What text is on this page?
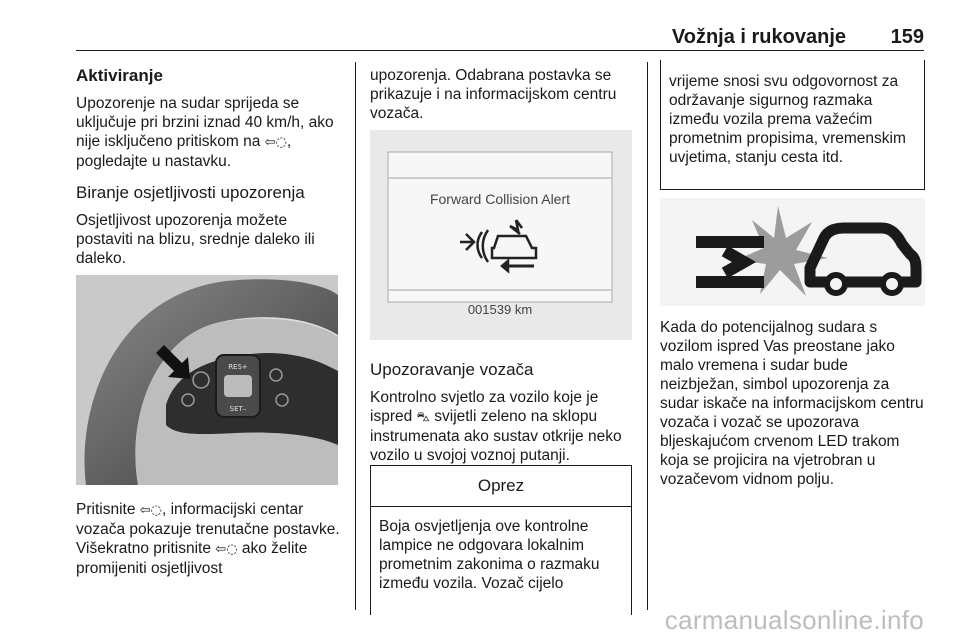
Vožnja i rukovanje 159
Aktiviranje

Upozorenje na sudar sprijeda se uključuje pri brzini iznad 40 km/h, ako nije isključeno pritiskom na ⇦◌, pogledajte u nastavku.

Biranje osjetljivosti upozorenja

Osjetljivost upozorenja možete postaviti na blizu, srednje daleko ili daleko.

RES+
SET–

Pritisnite ⇦◌, informacijski centar vozača pokazuje trenutačne postavke. Višekratno pritisnite ⇦◌ ako želite promijeniti osjetljivost

upozorenja. Odabrana postavka se prikazuje i na informacijskom centru vozača.

Forward Collision Alert
001539 km
Upozoravanje vozača

Kontrolno svjetlo za vozilo koje je ispred ⛍ svijetli zeleno na sklopu instrumenata ako sustav otkrije neko vozilo u svojoj voznoj putanji.

Oprez

Boja osvjetljenja ove kontrolne lampice ne odgovara lokalnim prometnim zakonima o razmaku između vozila. Vozač cijelo

vrijeme snosi svu odgovornost za održavanje sigurnog razmaka između vozila prema važećim prometnim propisima, vremenskim uvjetima, stanju cesta itd.

Kada do potencijalnog sudara s vozilom ispred Vas preostane jako malo vremena i sudar bude neizbježan, simbol upozorenja za sudar iskače na informacijskom centru vozača i vozač se upozorava bljeskajućom crvenom LED trakom koja se projicira na vjetrobran u vozačevom vidnom polju.

carmanualsonline.info
